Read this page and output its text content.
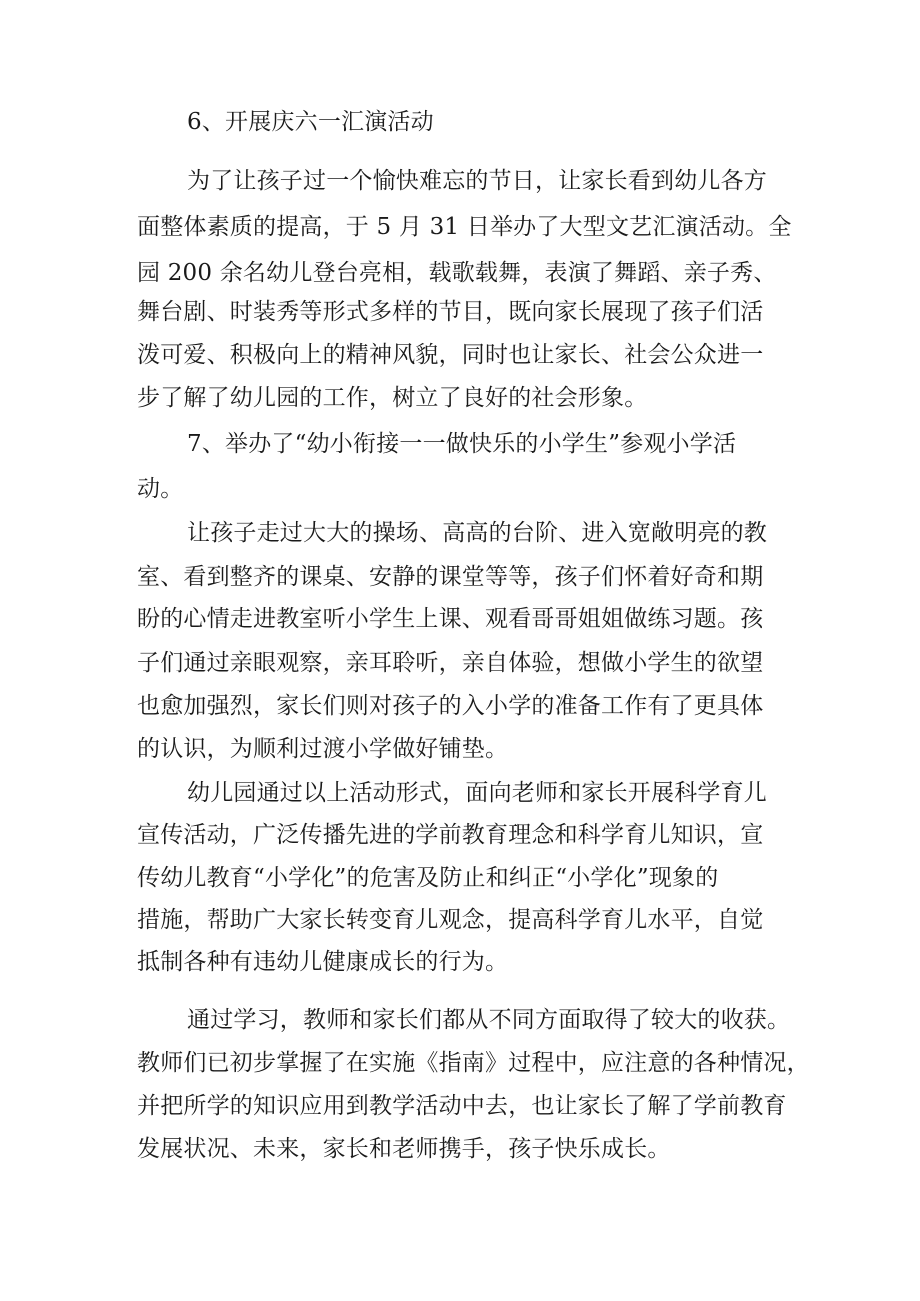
6、开展庆六一汇演活动

为了让孩子过一个愉快难忘的节日，让家长看到幼儿各方

面整体素质的提高，于 5 月 31 日举办了大型文艺汇演活动。全

园 200 余名幼儿登台亮相，载歌载舞，表演了舞蹈、亲子秀、

舞台剧、时装秀等形式多样的节目，既向家长展现了孩子们活

泼可爱、积极向上的精神风貌，同时也让家长、社会公众进一

步了解了幼儿园的工作，树立了良好的社会形象。

7、举办了“幼小衔接一一做快乐的小学生”参观小学活

动。

让孩子走过大大的操场、高高的台阶、进入宽敞明亮的教

室、看到整齐的课桌、安静的课堂等等，孩子们怀着好奇和期

盼的心情走进教室听小学生上课、观看哥哥姐姐做练习题。孩

子们通过亲眼观察，亲耳聆听，亲自体验，想做小学生的欲望

也愈加强烈，家长们则对孩子的入小学的准备工作有了更具体

的认识，为顺利过渡小学做好铺垫。

幼儿园通过以上活动形式，面向老师和家长开展科学育儿

宣传活动，广泛传播先进的学前教育理念和科学育儿知识，宣

传幼儿教育“小学化”的危害及防止和纠正“小学化”现象的

措施，帮助广大家长转变育儿观念，提高科学育儿水平，自觉

抵制各种有违幼儿健康成长的行为。

通过学习，教师和家长们都从不同方面取得了较大的收获。

教师们已初步掌握了在实施《指南》过程中，应注意的各种情况，

并把所学的知识应用到教学活动中去，也让家长了解了学前教育

发展状况、未来，家长和老师携手，孩子快乐成长。
